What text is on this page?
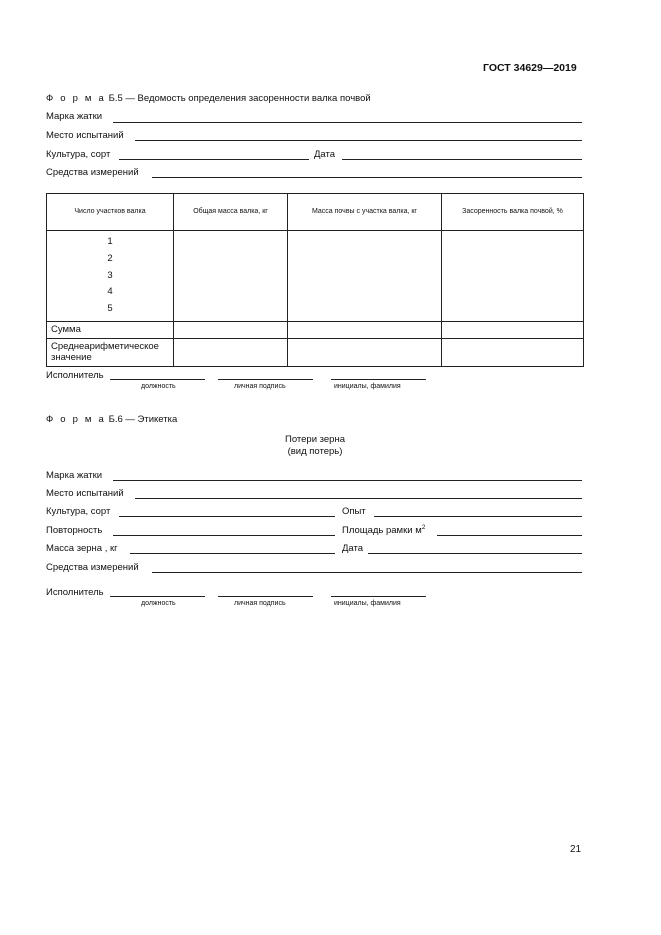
ГОСТ 34629—2019
Ф о р м а Б.5 — Ведомость определения засоренности валка почвой
Марка жатки
Место испытаний
Культура, сорт	Дата
Средства измерений
Число участков валка	Общая масса валка, кг	Масса почвы с участка валка, кг	Засоренность валка почвой, %

1
2
3
4
5			

Сумма			
Среднеарифметическое значение			
Исполнитель
должность	личная подпись	инициалы, фамилия
Ф о р м а Б.6 — Этикетка
Потери зерна
(вид потерь)
Марка жатки
Место испытаний
Культура, сорт	Опыт
Повторность	Площадь рамки $м^2$
Масса зерна , кг	Дата
Средства измерений
Исполнитель
должность	личная подпись	инициалы, фамилия
21
